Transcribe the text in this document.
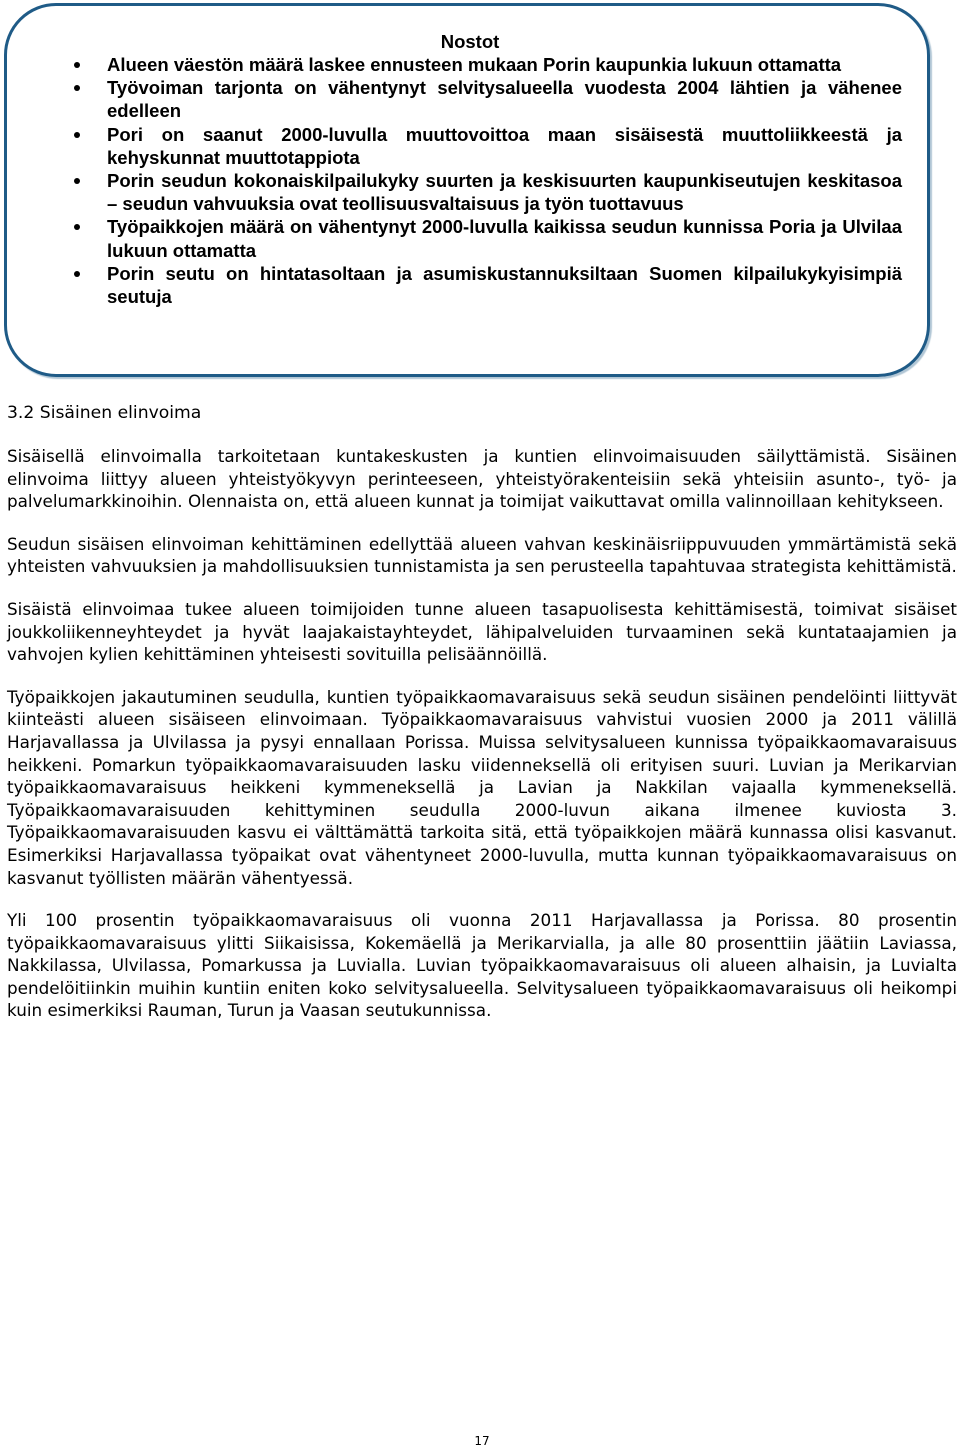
Nostot
Alueen väestön määrä laskee ennusteen mukaan Porin kaupunkia lukuun ottamatta
Työvoiman tarjonta on vähentynyt selvitysalueella vuodesta 2004 lähtien ja vähenee edelleen
Pori on saanut 2000-luvulla muuttovoittoa maan sisäisestä muuttoliikkeestä ja kehyskunnat muuttotappiota
Porin seudun kokonaiskilpailukyky suurten ja keskisuurten kaupunkiseutujen keskitasoa – seudun vahvuuksia ovat teollisuusvaltaisuus ja työn tuottavuus
Työpaikkojen määrä on vähentynyt 2000-luvulla kaikissa seudun kunnissa Poria ja Ulvilaa lukuun ottamatta
Porin seutu on hintatasoltaan ja asumiskustannuksiltaan Suomen kilpailukykyisimpiä seutuja
3.2 Sisäinen elinvoima

Sisäisellä elinvoimalla tarkoitetaan kuntakeskusten ja kuntien elinvoimaisuuden säilyttämistä. Sisäinen elinvoima liittyy alueen yhteistyökyvyn perinteeseen, yhteistyörakenteisiin sekä yhteisiin asunto-, työ- ja palvelumarkkinoihin. Olennaista on, että alueen kunnat ja toimijat vaikuttavat omilla valinnoillaan kehitykseen.

Seudun sisäisen elinvoiman kehittäminen edellyttää alueen vahvan keskinäisriippuvuuden ymmärtämistä sekä yhteisten vahvuuksien ja mahdollisuuksien tunnistamista ja sen perusteella tapahtuvaa strategista kehittämistä.

Sisäistä elinvoimaa tukee alueen toimijoiden tunne alueen tasapuolisesta kehittämisestä, toimivat sisäiset joukkoliikenneyhteydet ja hyvät laajakaistayhteydet, lähipalveluiden turvaaminen sekä kuntataajamien ja vahvojen kylien kehittäminen yhteisesti sovituilla pelisäännöillä.

Työpaikkojen jakautuminen seudulla, kuntien työpaikkaomavaraisuus sekä seudun sisäinen pendelöinti liittyvät kiinteästi alueen sisäiseen elinvoimaan. Työpaikkaomavaraisuus vahvistui vuosien 2000 ja 2011 välillä Harjavallassa ja Ulvilassa ja pysyi ennallaan Porissa. Muissa selvitysalueen kunnissa työpaikkaomavaraisuus heikkeni. Pomarkun työpaikkaomavaraisuuden lasku viidenneksellä oli erityisen suuri. Luvian ja Merikarvian työpaikkaomavaraisuus heikkeni kymmeneksellä ja Lavian ja Nakkilan vajaalla kymmeneksellä. Työpaikkaomavaraisuuden kehittyminen seudulla 2000-luvun aikana ilmenee kuviosta 3. Työpaikkaomavaraisuuden kasvu ei välttämättä tarkoita sitä, että työpaikkojen määrä kunnassa olisi kasvanut. Esimerkiksi Harjavallassa työpaikat ovat vähentyneet 2000-luvulla, mutta kunnan työpaikkaomavaraisuus on kasvanut työllisten määrän vähentyessä.

Yli 100 prosentin työpaikkaomavaraisuus oli vuonna 2011 Harjavallassa ja Porissa. 80 prosentin työpaikkaomavaraisuus ylitti Siikaisissa, Kokemäellä ja Merikarvialla, ja alle 80 prosenttiin jäätiin Laviassa, Nakkilassa, Ulvilassa, Pomarkussa ja Luvialla. Luvian työpaikkaomavaraisuus oli alueen alhaisin, ja Luvialta pendelöitiinkin muihin kuntiin eniten koko selvitysalueella. Selvitysalueen työpaikkaomavaraisuus oli heikompi kuin esimerkiksi Rauman, Turun ja Vaasan seutukunnissa.

17
